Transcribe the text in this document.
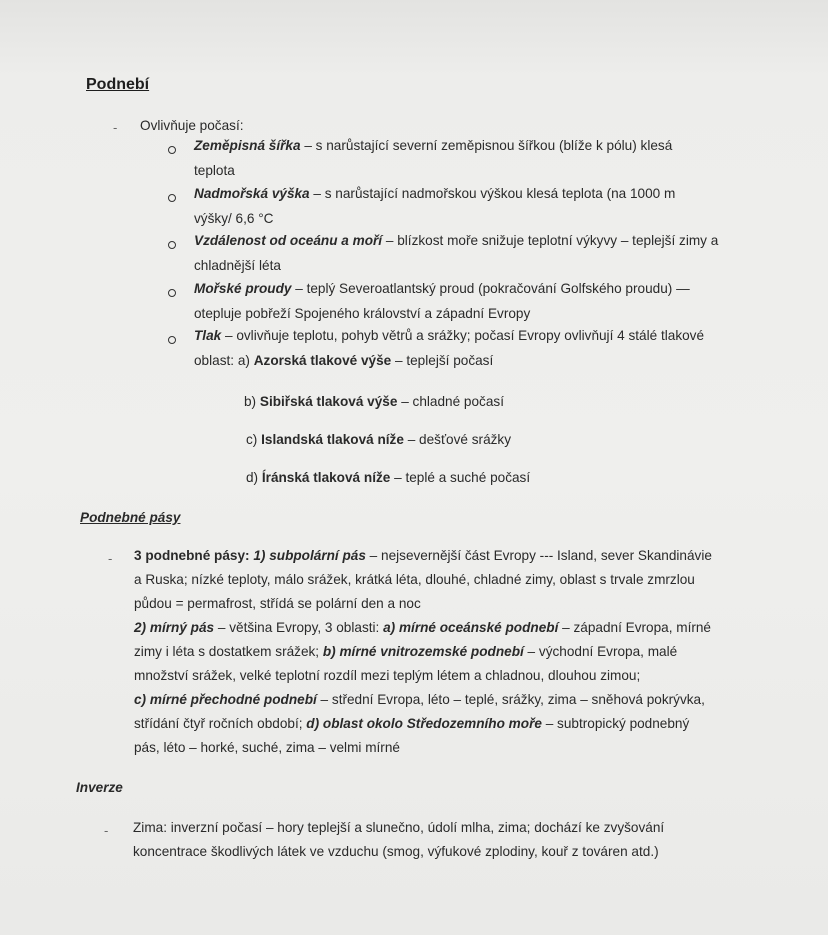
Podnebí
- Ovlivňuje počasí:
Zeměpisná šířka – s narůstající severní zeměpisnou šířkou (blíže k pólu) klesá
teplota
Nadmořská výška – s narůstající nadmořskou výškou klesá teplota (na 1000 m
výšky/ 6,6 °C
Vzdálenost od oceánu a moří – blízkost moře snižuje teplotní výkyvy – teplejší zimy a
chladnější léta
Mořské proudy – teplý Severoatlantský proud (pokračování Golfského proudu) —
otepluje pobřeží Spojeného království a západní Evropy
Tlak – ovlivňuje teplotu, pohyb větrů a srážky; počasí Evropy ovlivňují 4 stálé tlakové
oblast: a) Azorská tlakové výše – teplejší počasí
b) Sibiřská tlaková výše – chladné počasí
c) Islandská tlaková níže – dešťové srážky
d) Íránská tlaková níže – teplé a suché počasí
Podnebné pásy
- 3 podnebné pásy: 1) subpolární pás – nejsevernější část Evropy --- Island, sever Skandinávie
a Ruska; nízké teploty, málo srážek, krátká léta, dlouhé, chladné zimy, oblast s trvale zmrzlou
půdou = permafrost, střídá se polární den a noc
2) mírný pás – většina Evropy, 3 oblasti: a) mírné oceánské podnebí – západní Evropa, mírné
zimy i léta s dostatkem srážek; b) mírné vnitrozemské podnebí – východní Evropa, malé
množství srážek, velké teplotní rozdíl mezi teplým létem a chladnou, dlouhou zimou;
c) mírné přechodné podnebí – střední Evropa, léto – teplé, srážky, zima – sněhová pokrývka,
střídání čtyř ročních období; d) oblast okolo Středozemního moře – subtropický podnebný
pás, léto – horké, suché, zima – velmi mírné
Inverze
- Zima: inverzní počasí – hory teplejší a slunečno, údolí mlha, zima; dochází ke zvyšování
koncentrace škodlivých látek ve vzduchu (smog, výfukové zplodiny, kouř z továren atd.)
